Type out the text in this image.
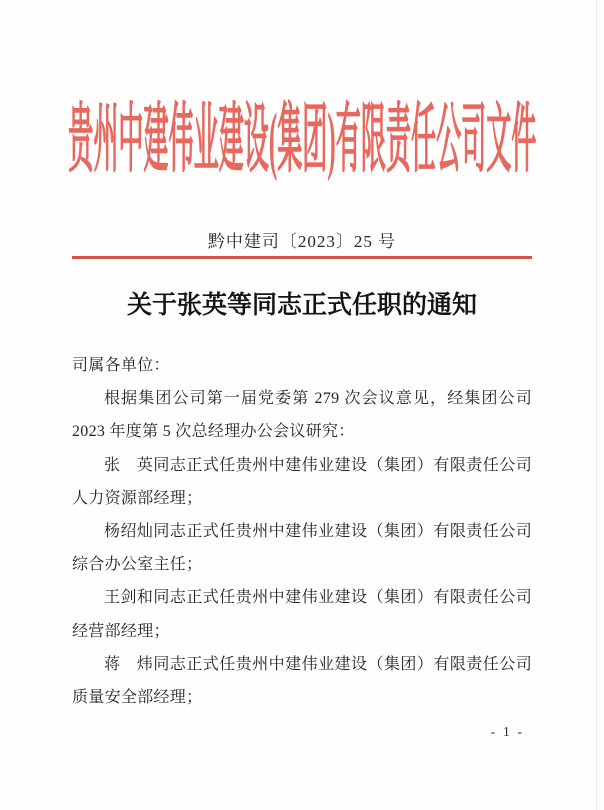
贵州中建伟业建设(集团)有限责任公司文件
黔中建司〔2023〕25 号
关于张英等同志正式任职的通知

司属各单位：

根据集团公司第一届党委第 279 次会议意见，经集团公司2023 年度第 5 次总经理办公会议研究：

张　英同志正式任贵州中建伟业建设（集团）有限责任公司人力资源部经理；

杨绍灿同志正式任贵州中建伟业建设（集团）有限责任公司综合办公室主任；

王剑和同志正式任贵州中建伟业建设（集团）有限责任公司经营部经理；

蒋　炜同志正式任贵州中建伟业建设（集团）有限责任公司质量安全部经理；

- 1 -
